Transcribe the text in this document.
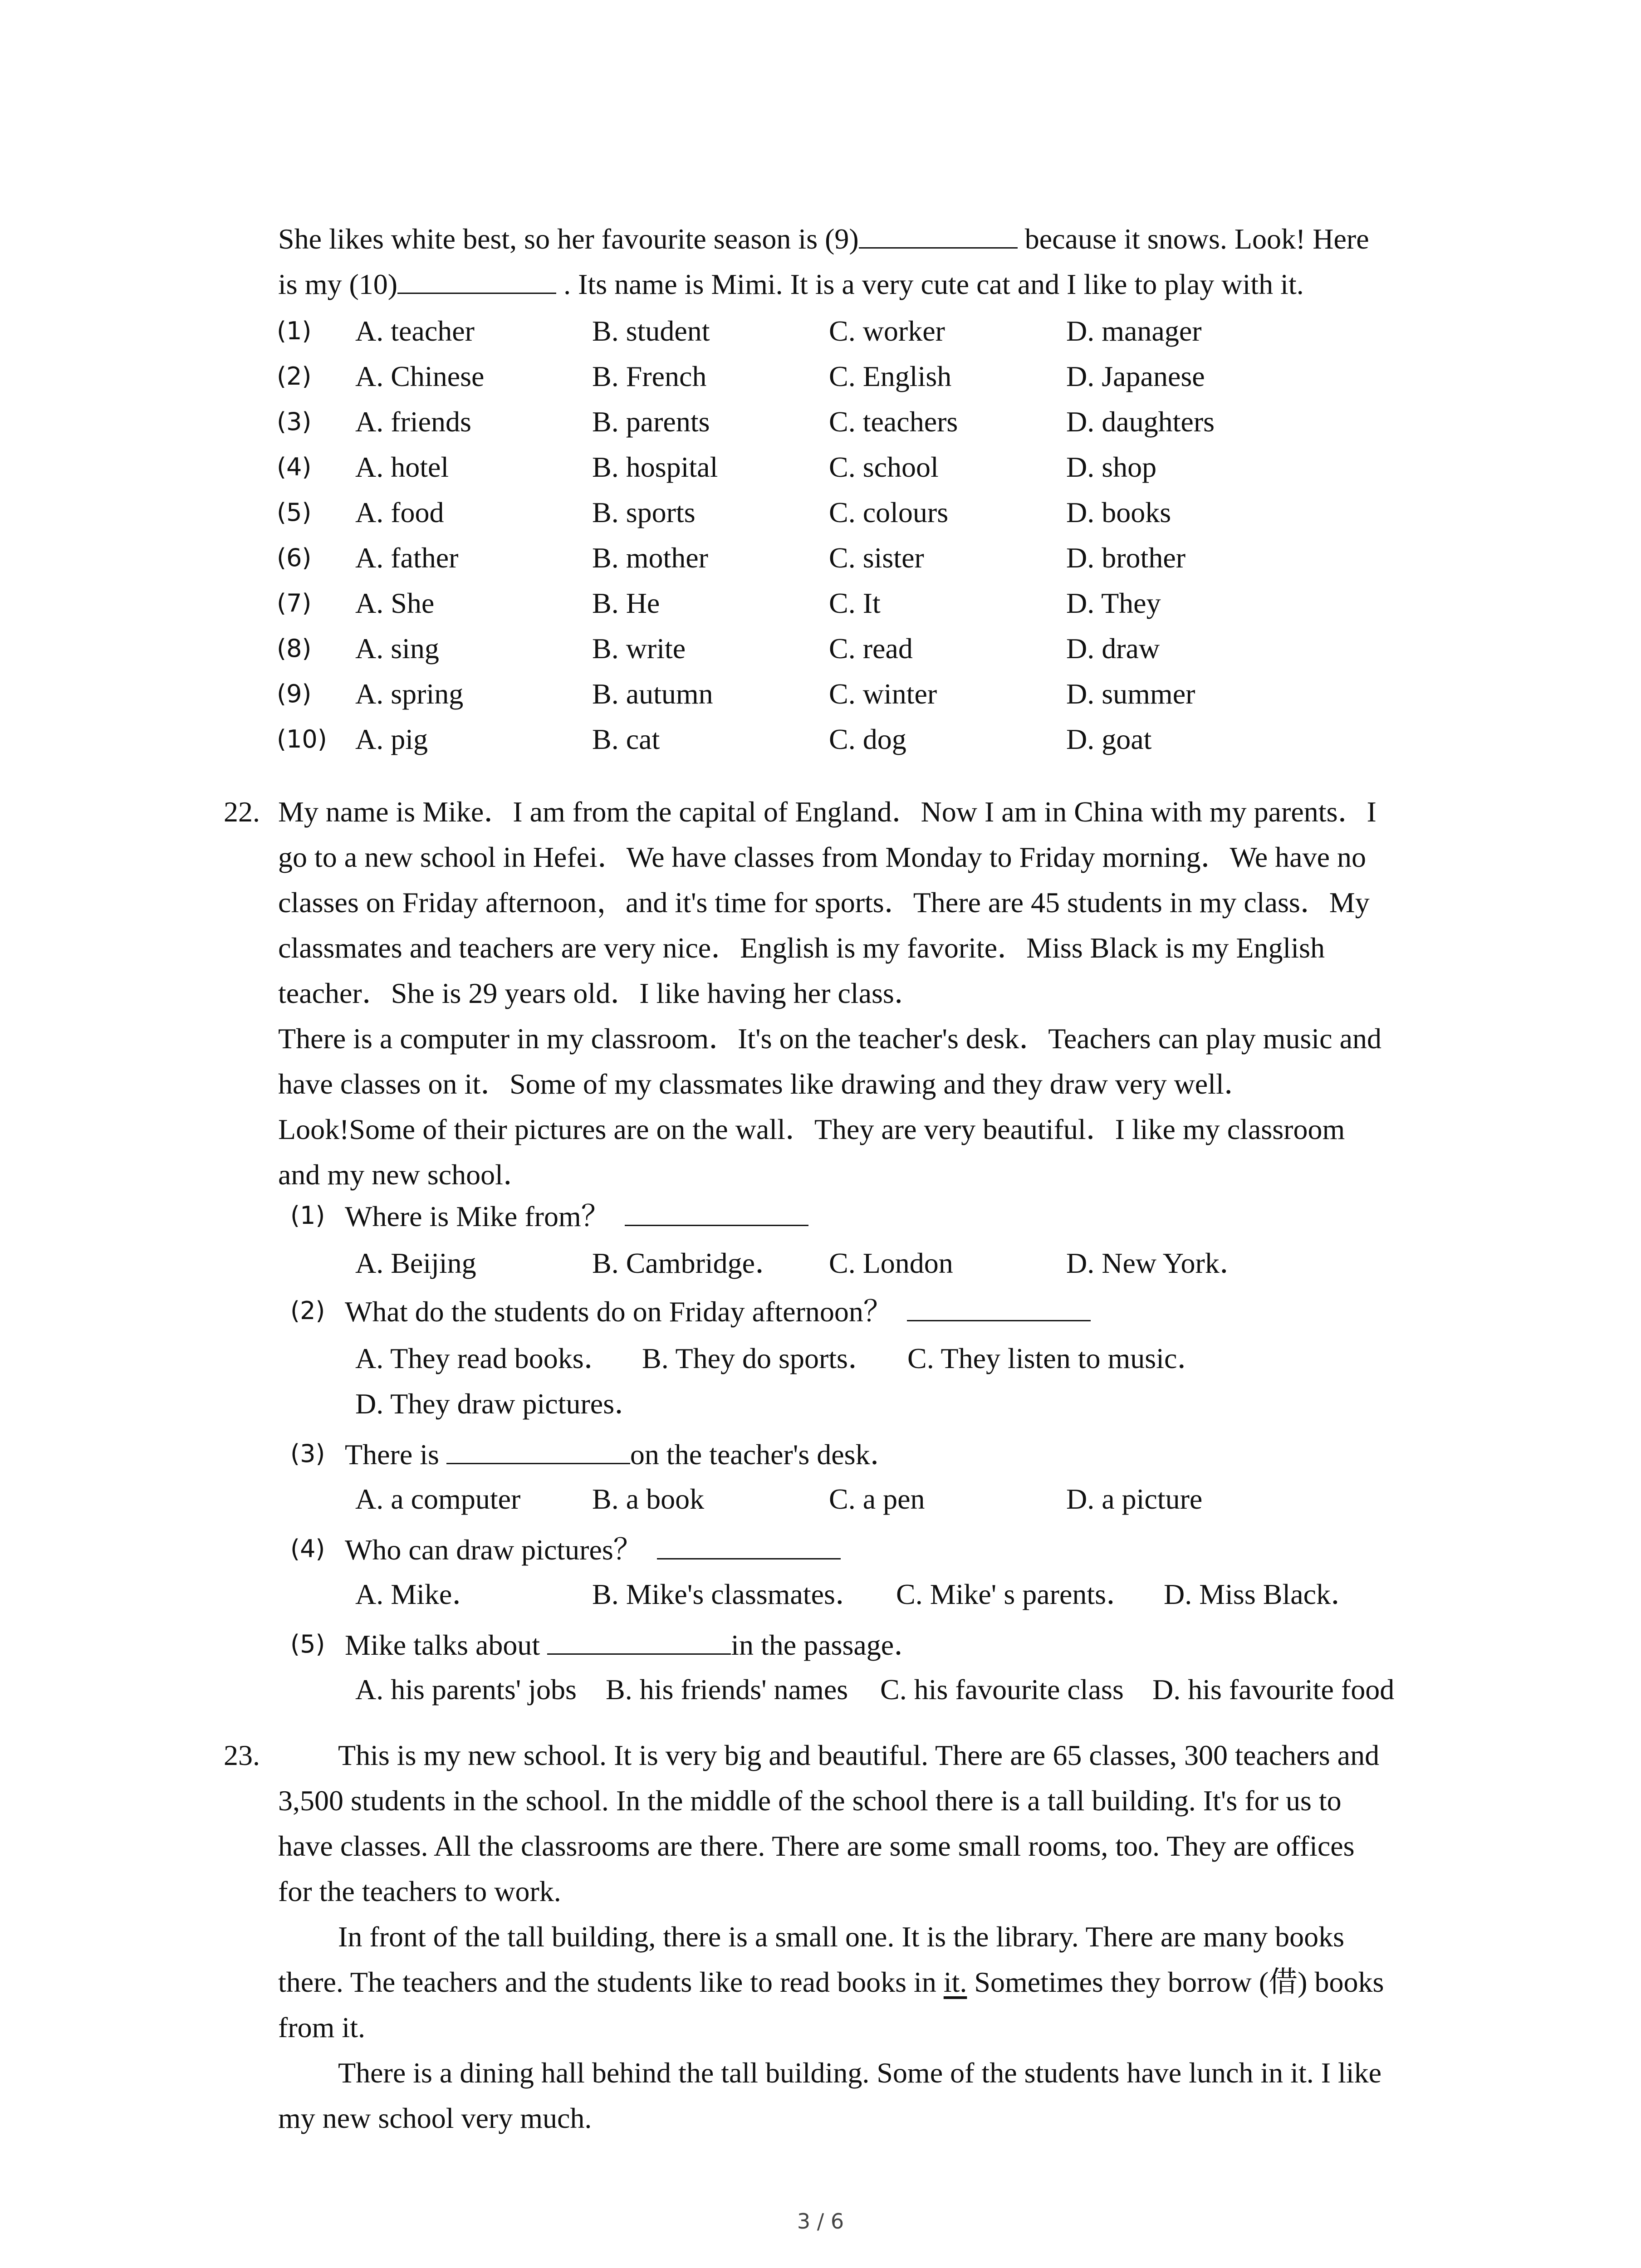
She likes white best, so her favourite season is (9)	because it snows. Look! Here
is my (10)	. Its name is Mimi. It is a very cute cat and I like to play with it.
(1) A. teacher	B. student	C. worker	D. manager
(2) A. Chinese	B. French	C. English	D. Japanese
(3) A. friends	B. parents	C. teachers	D. daughters
(4) A. hotel	B. hospital	C. school	D. shop
(5) A. food	B. sports	C. colours	D. books
(6) A. father	B. mother	C. sister	D. brother
(7) A. She	B. He	C. It	D. They
(8) A. sing	B. write	C. read	D. draw
(9) A. spring	B. autumn	C. winter	D. summer
(10) A. pig	B. cat	C. dog	D. goat
22. My name is Mike．I am from the capital of England．Now I am in China with my parents．I
go to a new school in Hefei．We have classes from Monday to Friday morning．We have no
classes on Friday afternoon，and it's time for sports．There are 45 students in my class．My
classmates and teachers are very nice．English is my favorite．Miss Black is my English
teacher．She is 29 years old．I like having her class．
There is a computer in my classroom．It's on the teacher's desk．Teachers can play music and
have classes on it．Some of my classmates like drawing and they draw very well．
Look!Some of their pictures are on the wall．They are very beautiful．I like my classroom
and my new school．
(1) Where is Mike from？
A. Beijing	B. Cambridge． C. London	D. New York．
(2) What do the students do on Friday afternoon？
A. They read books． B. They do sports． C. They listen to music．
D. They draw pictures．
(3) There is	on the teacher's desk．
A. a computer B. a book	C. a pen	D. a picture
(4) Who can draw pictures？
A. Mike．	B. Mike's classmates． C. Mike' s parents． D. Miss Black．
(5) Mike talks about	in the passage．
A. his parents' jobs B. his friends' names C. his favourite class D. his favourite food
23.	This is my new school. It is very big and beautiful. There are 65 classes, 300 teachers and
3,500 students in the school. In the middle of the school there is a tall building. It's for us to
have classes. All the classrooms are there. There are some small rooms, too. They are offices
for the teachers to work.
In front of the tall building, there is a small one. It is the library. There are many books
there. The teachers and the students like to read books in it. Sometimes they borrow (借) books
from it.
There is a dining hall behind the tall building. Some of the students have lunch in it. I like
my new school very much.
3 / 6
